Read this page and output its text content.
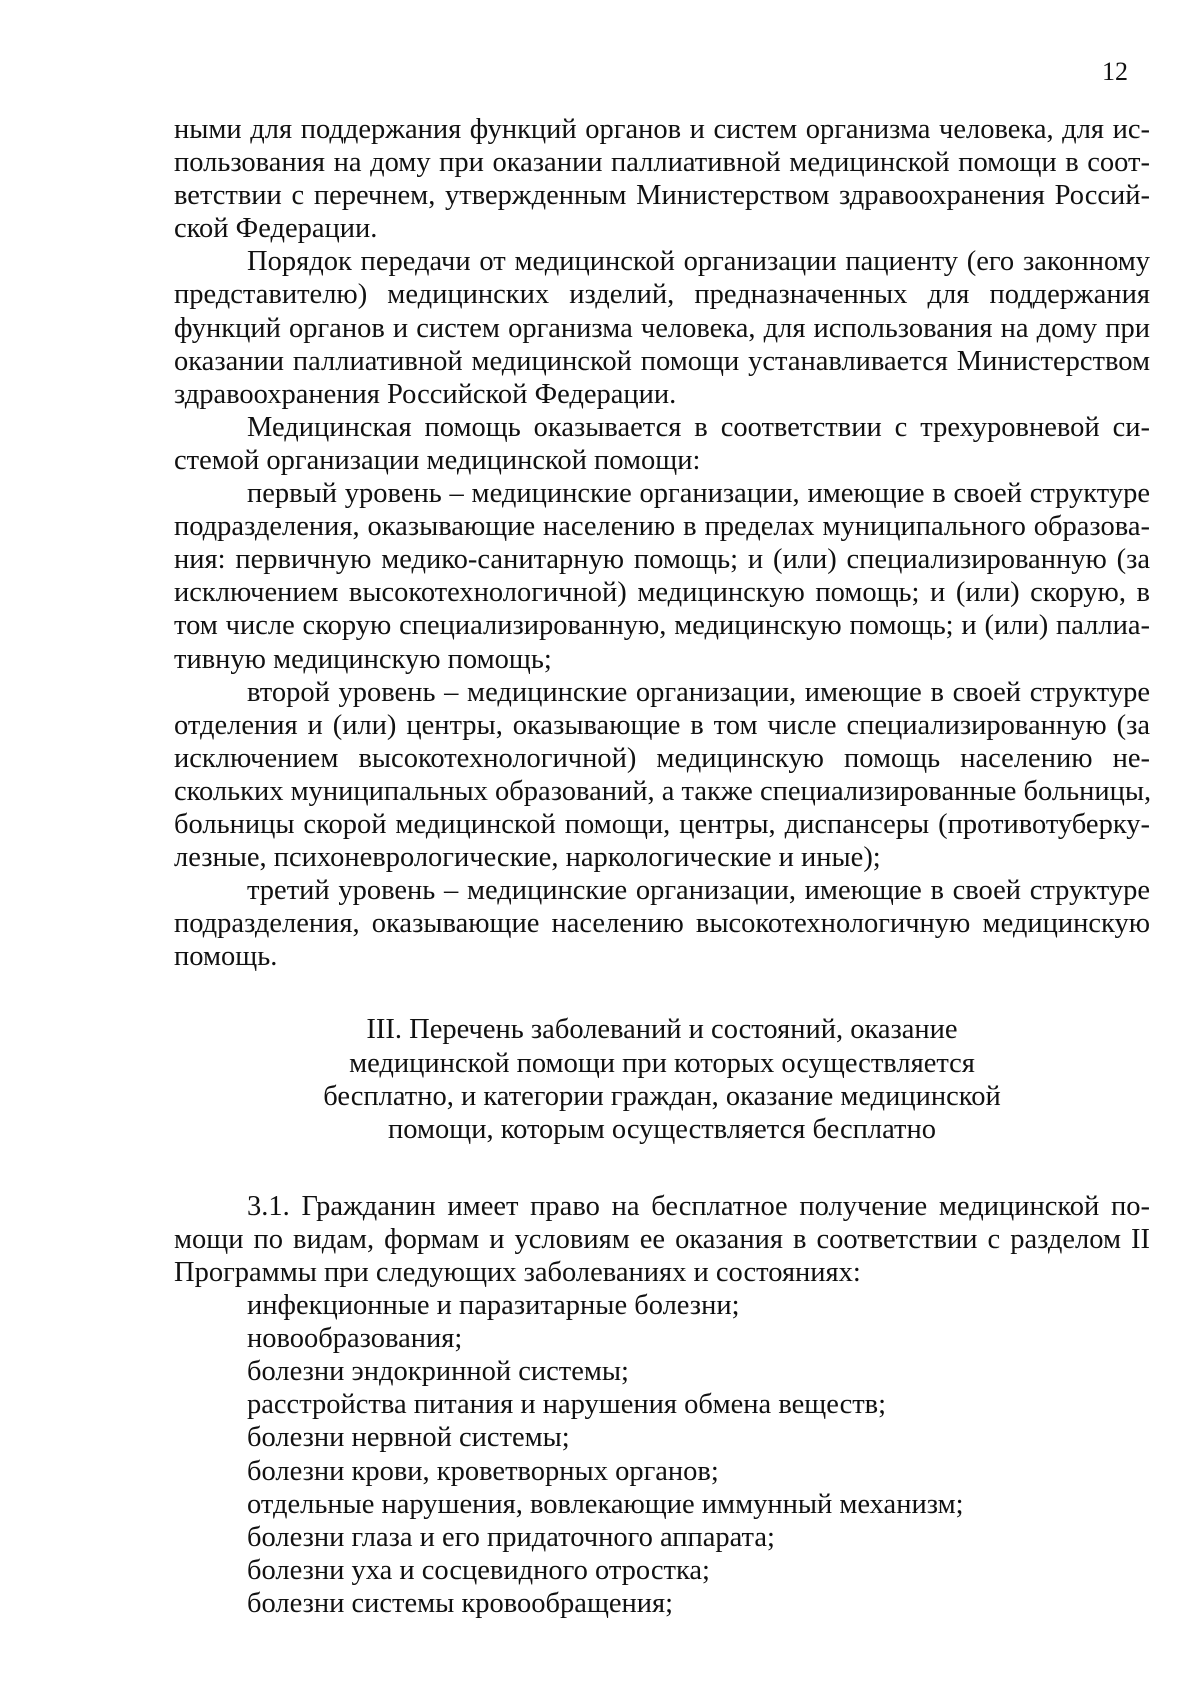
12
ными для поддержания функций органов и систем организма человека, для ис-
пользования на дому при оказании паллиативной медицинской помощи в соот-
ветствии с перечнем, утвержденным Министерством здравоохранения Россий-
ской Федерации.
Порядок передачи от медицинской организации пациенту (его законному
представителю) медицинских изделий, предназначенных для поддержания
функций органов и систем организма человека, для использования на дому при
оказании паллиативной медицинской помощи устанавливается Министерством
здравоохранения Российской Федерации.
Медицинская помощь оказывается в соответствии с трехуровневой си-
стемой организации медицинской помощи:
первый уровень – медицинские организации, имеющие в своей структуре
подразделения, оказывающие населению в пределах муниципального образова-
ния: первичную медико-санитарную помощь; и (или) специализированную (за
исключением высокотехнологичной) медицинскую помощь; и (или) скорую, в
том числе скорую специализированную, медицинскую помощь; и (или) паллиа-
тивную медицинскую помощь;
второй уровень – медицинские организации, имеющие в своей структуре
отделения и (или) центры, оказывающие в том числе специализированную (за
исключением высокотехнологичной) медицинскую помощь населению не-
скольких муниципальных образований, а также специализированные больницы,
больницы скорой медицинской помощи, центры, диспансеры (противотуберку-
лезные, психоневрологические, наркологические и иные);
третий уровень – медицинские организации, имеющие в своей структуре
подразделения, оказывающие населению высокотехнологичную медицинскую
помощь.
III. Перечень заболеваний и состояний, оказание
медицинской помощи при которых осуществляется
бесплатно, и категории граждан, оказание медицинской
помощи, которым осуществляется бесплатно
3.1. Гражданин имеет право на бесплатное получение медицинской по-
мощи по видам, формам и условиям ее оказания в соответствии с разделом II
Программы при следующих заболеваниях и состояниях:
инфекционные и паразитарные болезни;
новообразования;
болезни эндокринной системы;
расстройства питания и нарушения обмена веществ;
болезни нервной системы;
болезни крови, кроветворных органов;
отдельные нарушения, вовлекающие иммунный механизм;
болезни глаза и его придаточного аппарата;
болезни уха и сосцевидного отростка;
болезни системы кровообращения;
